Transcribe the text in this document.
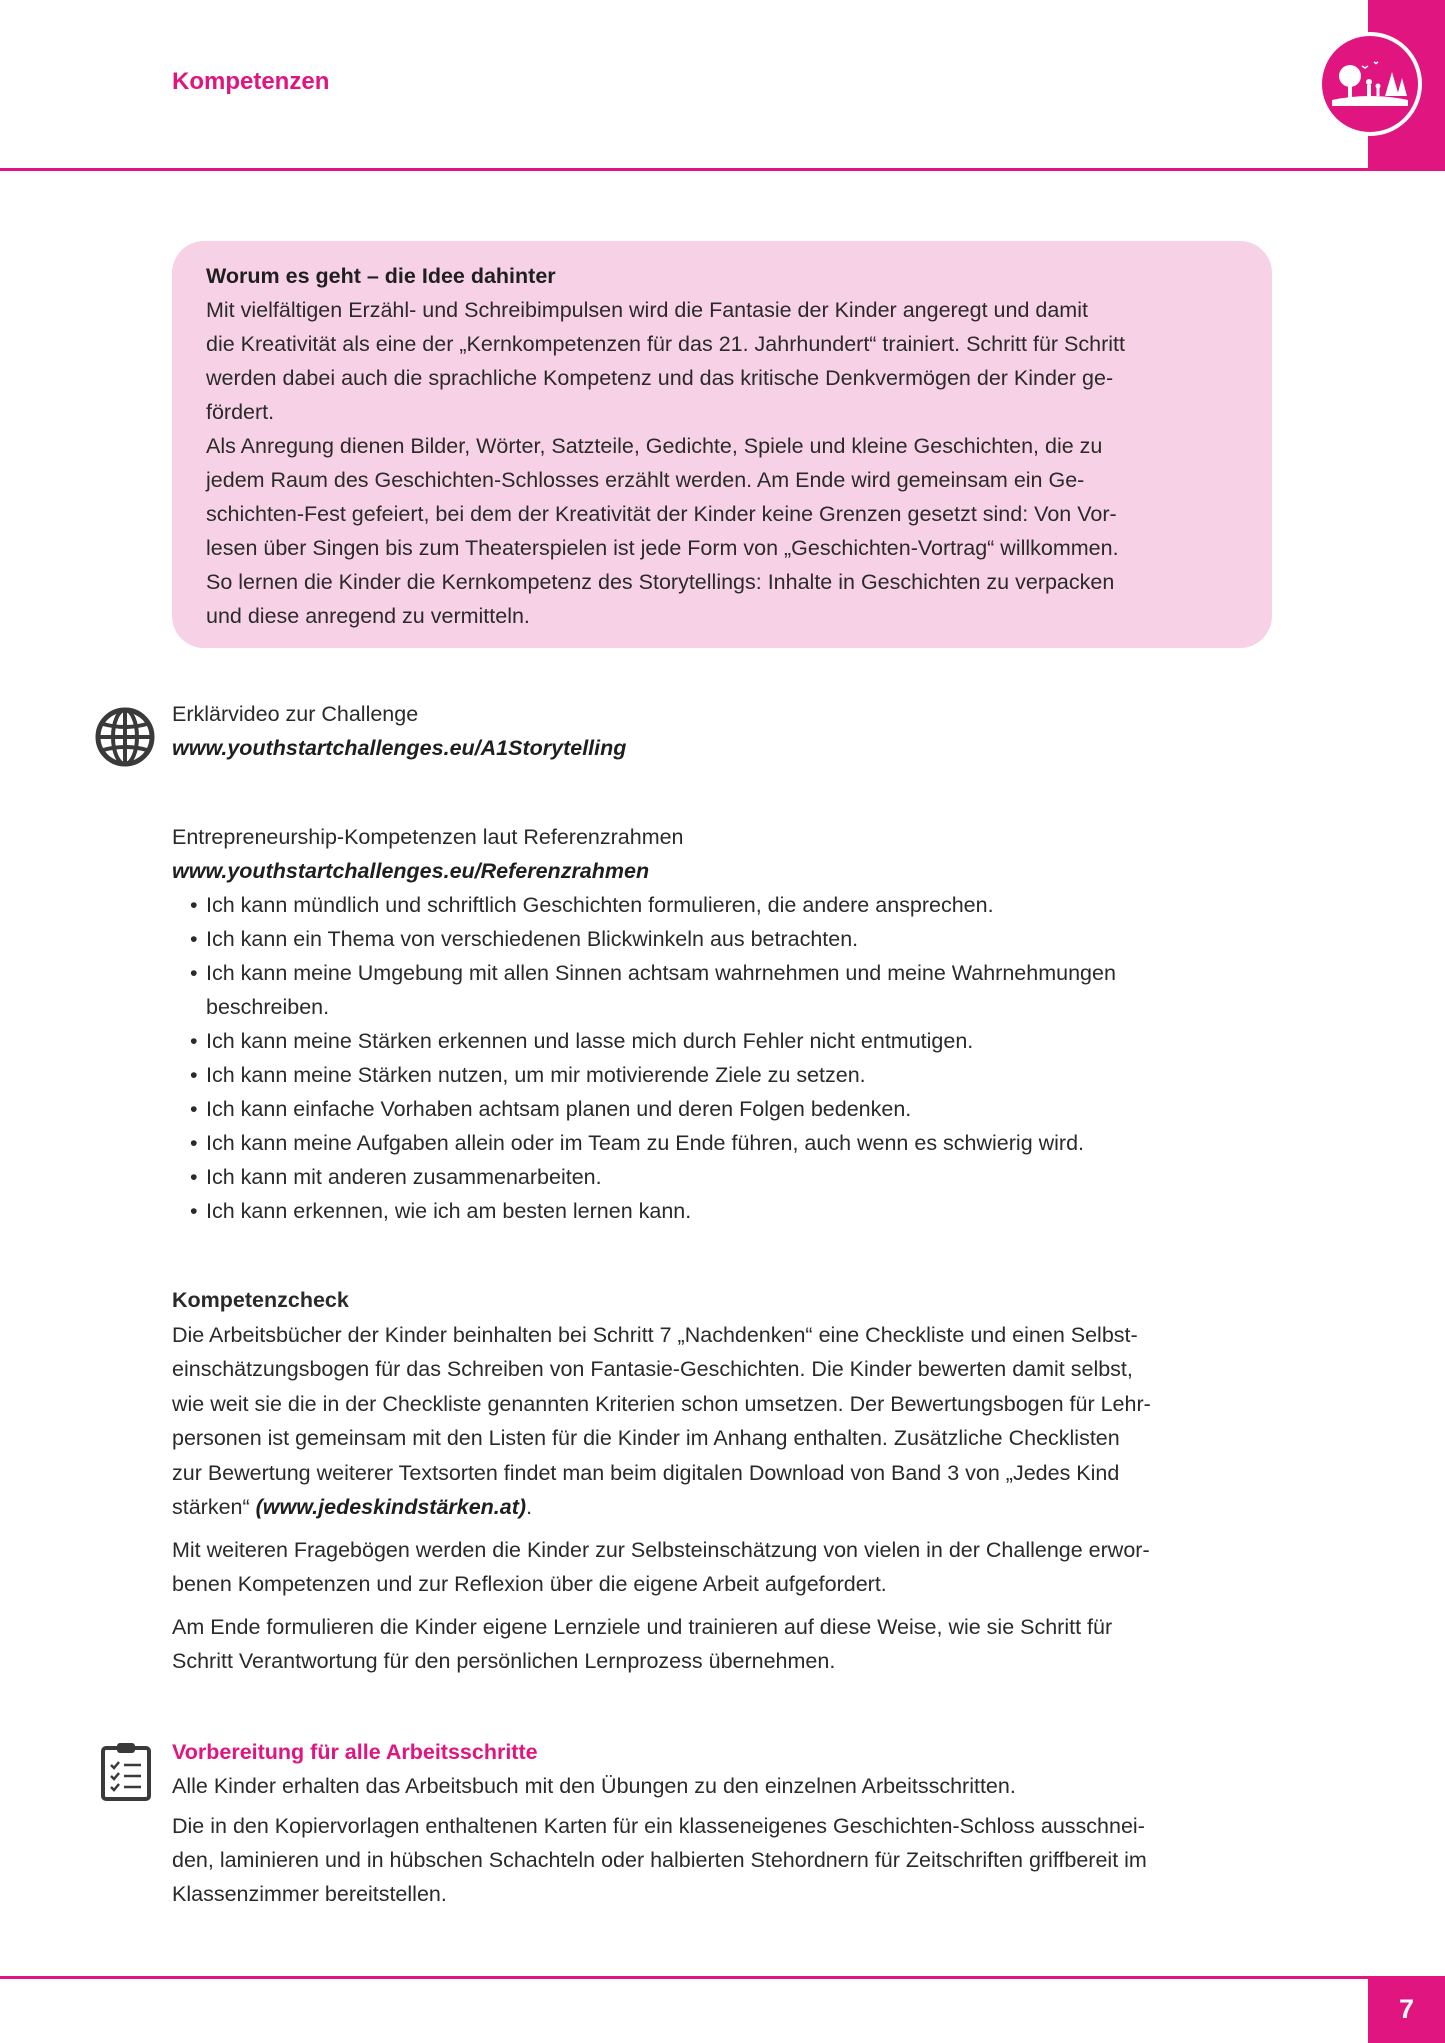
Kompetenzen

Worum es geht – die Idee dahinter

Mit vielfältigen Erzähl- und Schreibimpulsen wird die Fantasie der Kinder angeregt und damit

die Kreativität als eine der „Kernkompetenzen für das 21. Jahrhundert“ trainiert. Schritt für Schritt

werden dabei auch die sprachliche Kompetenz und das kritische Denkvermögen der Kinder ge-

fördert.

Als Anregung dienen Bilder, Wörter, Satzteile, Gedichte, Spiele und kleine Geschichten, die zu

jedem Raum des Geschichten-Schlosses erzählt werden. Am Ende wird gemeinsam ein Ge-

schichten-Fest gefeiert, bei dem der Kreativität der Kinder keine Grenzen gesetzt sind: Von Vor-

lesen über Singen bis zum Theaterspielen ist jede Form von „Geschichten-Vortrag“ willkommen.

So lernen die Kinder die Kernkompetenz des Storytellings: Inhalte in Geschichten zu verpacken

und diese anregend zu vermitteln.

Erklärvideo zur Challenge
www.youthstartchallenges.eu/A1Storytelling
Entrepreneurship-Kompetenzen laut Referenzrahmen
www.youthstartchallenges.eu/Referenzrahmen
• Ich kann mündlich und schriftlich Geschichten formulieren, die andere ansprechen.
• Ich kann ein Thema von verschiedenen Blickwinkeln aus betrachten.
• Ich kann meine Umgebung mit allen Sinnen achtsam wahrnehmen und meine Wahrnehmungen beschreiben.
• Ich kann meine Stärken erkennen und lasse mich durch Fehler nicht entmutigen.
• Ich kann meine Stärken nutzen, um mir motivierende Ziele zu setzen.
• Ich kann einfache Vorhaben achtsam planen und deren Folgen bedenken.
• Ich kann meine Aufgaben allein oder im Team zu Ende führen, auch wenn es schwierig wird.
• Ich kann mit anderen zusammenarbeiten.
• Ich kann erkennen, wie ich am besten lernen kann.
Kompetenzcheck

Die Arbeitsbücher der Kinder beinhalten bei Schritt 7 „Nachdenken“ eine Checkliste und einen Selbst-
einschätzungsbogen für das Schreiben von Fantasie-Geschichten. Die Kinder bewerten damit selbst,
wie weit sie die in der Checkliste genannten Kriterien schon umsetzen. Der Bewertungsbogen für Lehr-
personen ist gemeinsam mit den Listen für die Kinder im Anhang enthalten. Zusätzliche Checklisten
zur Bewertung weiterer Textsorten findet man beim digitalen Download von Band 3 von „Jedes Kind
stärken“ (www.jedeskindstärken.at).

Mit weiteren Fragebögen werden die Kinder zur Selbsteinschätzung von vielen in der Challenge erwor-
benen Kompetenzen und zur Reflexion über die eigene Arbeit aufgefordert.

Am Ende formulieren die Kinder eigene Lernziele und trainieren auf diese Weise, wie sie Schritt für
Schritt Verantwortung für den persönlichen Lernprozess übernehmen.

Vorbereitung für alle Arbeitsschritte

Alle Kinder erhalten das Arbeitsbuch mit den Übungen zu den einzelnen Arbeitsschritten.

Die in den Kopiervorlagen enthaltenen Karten für ein klasseneigenes Geschichten-Schloss ausschnei-
den, laminieren und in hübschen Schachteln oder halbierten Stehordnern für Zeitschriften griffbereit im
Klassenzimmer bereitstellen.

7
